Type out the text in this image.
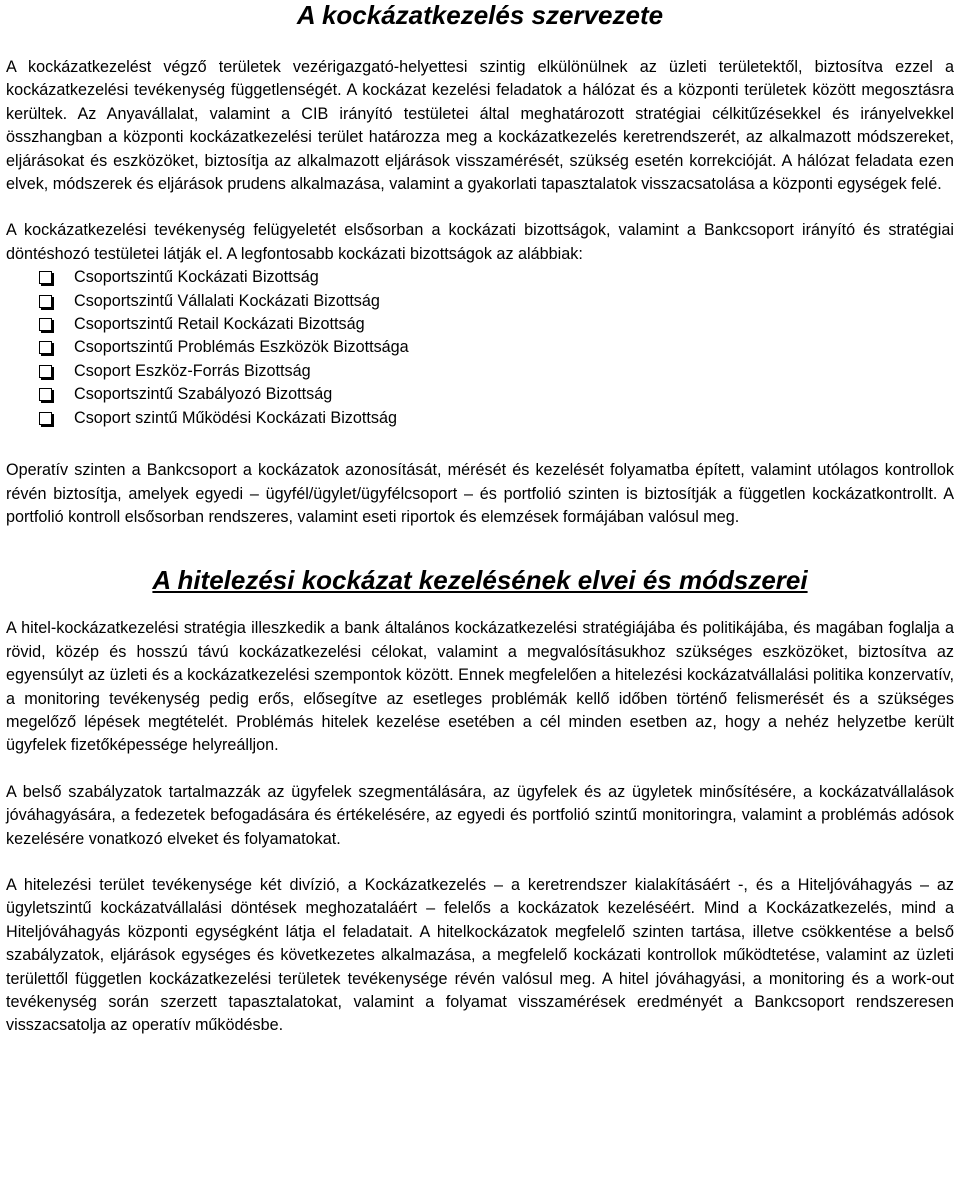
A kockázatkezelés szervezete

A kockázatkezelést végző területek vezérigazgató-helyettesi szintig elkülönülnek az üzleti területektől, biztosítva ezzel a kockázatkezelési tevékenység függetlenségét. A kockázat kezelési feladatok a hálózat és a központi területek között megosztásra kerültek. Az Anyavállalat, valamint a CIB irányító testületei által meghatározott stratégiai célkitűzésekkel és irányelvekkel összhangban a központi kockázatkezelési terület határozza meg a kockázatkezelés keretrendszerét, az alkalmazott módszereket, eljárásokat és eszközöket, biztosítja az alkalmazott eljárások visszamérését, szükség esetén korrekcióját. A hálózat feladata ezen elvek, módszerek és eljárások prudens alkalmazása, valamint a gyakorlati tapasztalatok visszacsatolása a központi egységek felé.

A kockázatkezelési tevékenység felügyeletét elsősorban a kockázati bizottságok, valamint a Bankcsoport irányító és stratégiai döntéshozó testületei látják el. A legfontosabb kockázati bizottságok az alábbiak:

Csoportszintű Kockázati Bizottság
Csoportszintű Vállalati Kockázati Bizottság
Csoportszintű Retail Kockázati Bizottság
Csoportszintű Problémás Eszközök Bizottsága
Csoport Eszköz-Forrás Bizottság
Csoportszintű Szabályozó Bizottság
Csoport szintű Működési Kockázati Bizottság

Operatív szinten a Bankcsoport a kockázatok azonosítását, mérését és kezelését folyamatba épített, valamint utólagos kontrollok révén biztosítja, amelyek egyedi – ügyfél/ügylet/ügyfélcsoport – és portfolió szinten is biztosítják a független kockázatkontrollt. A portfolió kontroll elsősorban rendszeres, valamint eseti riportok és elemzések formájában valósul meg.

A hitelezési kockázat kezelésének elvei és módszerei

A hitel-kockázatkezelési stratégia illeszkedik a bank általános kockázatkezelési stratégiájába és politikájába, és magában foglalja a rövid, közép és hosszú távú kockázatkezelési célokat, valamint a megvalósításukhoz szükséges eszközöket, biztosítva az egyensúlyt az üzleti és a kockázatkezelési szempontok között. Ennek megfelelően a hitelezési kockázatvállalási politika konzervatív, a monitoring tevékenység pedig erős, elősegítve az esetleges problémák kellő időben történő felismerését és a szükséges megelőző lépések megtételét. Problémás hitelek kezelése esetében a cél minden esetben az, hogy a nehéz helyzetbe került ügyfelek fizetőképessége helyreálljon.

A belső szabályzatok tartalmazzák az ügyfelek szegmentálására, az ügyfelek és az ügyletek minősítésére, a kockázatvállalások jóváhagyására, a fedezetek befogadására és értékelésére, az egyedi és portfolió szintű monitoringra, valamint a problémás adósok kezelésére vonatkozó elveket és folyamatokat.

A hitelezési terület tevékenysége két divízió, a Kockázatkezelés – a keretrendszer kialakításáért -, és a Hiteljóváhagyás – az ügyletszintű kockázatvállalási döntések meghozataláért – felelős a kockázatok kezeléséért. Mind a Kockázatkezelés, mind a Hiteljóváhagyás központi egységként látja el feladatait. A hitelkockázatok megfelelő szinten tartása, illetve csökkentése a belső szabályzatok, eljárások egységes és következetes alkalmazása, a megfelelő kockázati kontrollok működtetése, valamint az üzleti területtől független kockázatkezelési területek tevékenysége révén valósul meg. A hitel jóváhagyási, a monitoring és a work-out tevékenység során szerzett tapasztalatokat, valamint a folyamat visszamérések eredményét a Bankcsoport rendszeresen visszacsatolja az operatív működésbe.
